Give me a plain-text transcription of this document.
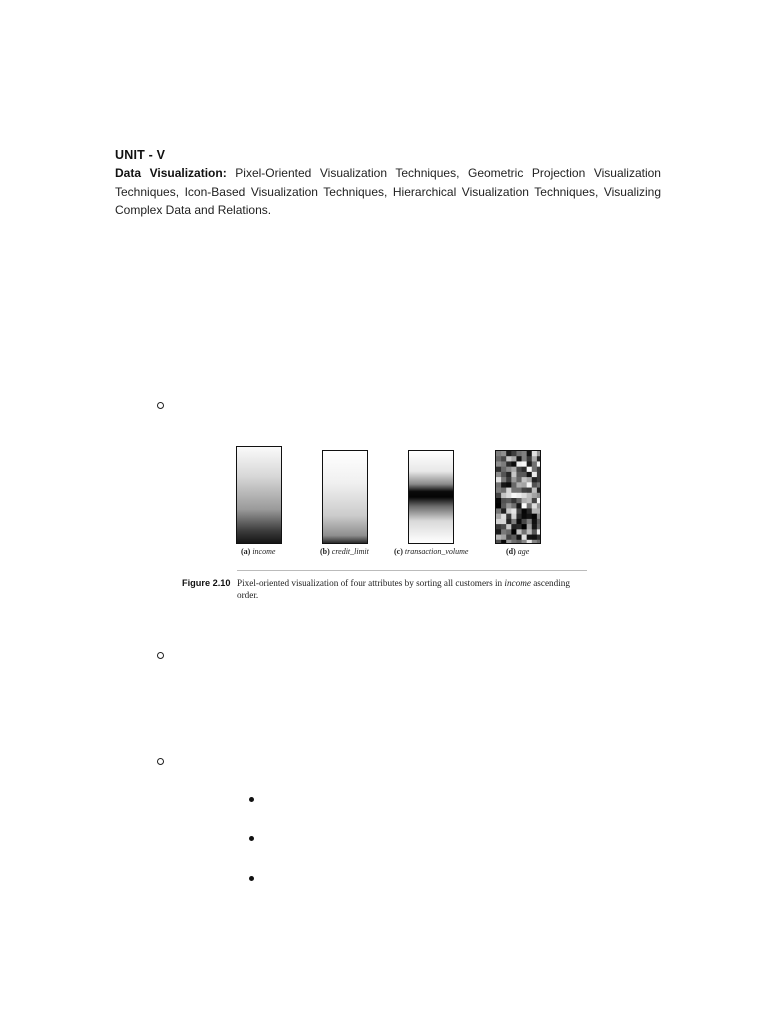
UNIT - V

Data Visualization: Pixel-Oriented Visualization Techniques, Geometric Projection Visualization Techniques, Icon-Based Visualization Techniques, Hierarchical Visualization Techniques, Visualizing Complex Data and Relations.

(a) income	(b) credit_limit	(c) transaction_volume	(d) age
Figure 2.10 Pixel-oriented visualization of four attributes by sorting all customers in income ascending order.
